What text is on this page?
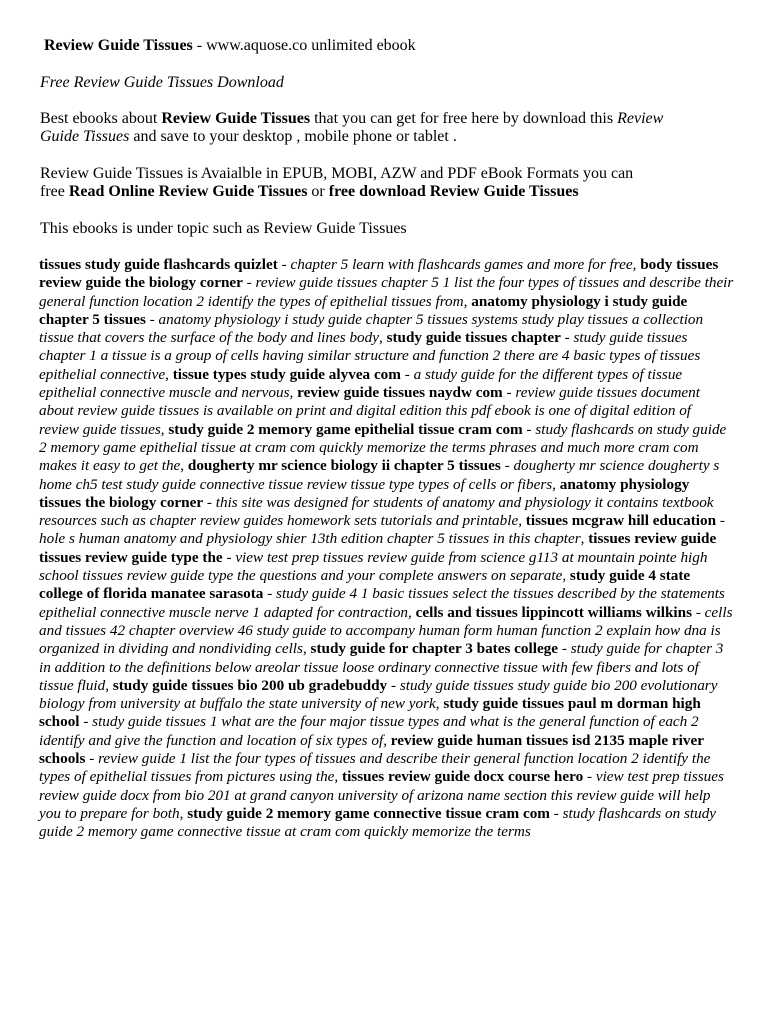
Review Guide Tissues - www.aquose.co unlimited ebook
Free Review Guide Tissues Download
Best ebooks about Review Guide Tissues that you can get for free here by download this Review
Guide Tissues and save to your desktop , mobile phone or tablet .
Review Guide Tissues is Avaialble in EPUB, MOBI, AZW and PDF eBook Formats you can
free Read Online Review Guide Tissues or free download Review Guide Tissues
This ebooks is under topic such as Review Guide Tissues

tissues study guide flashcards quizlet - chapter 5 learn with flashcards games and more for free, body tissues review guide the biology corner - review guide tissues chapter 5 1 list the four types of tissues and describe their general function location 2 identify the types of epithelial tissues from, anatomy physiology i study guide chapter 5 tissues - anatomy physiology i study guide chapter 5 tissues systems study play tissues a collection tissue that covers the surface of the body and lines body, study guide tissues chapter - study guide tissues chapter 1 a tissue is a group of cells having similar structure and function 2 there are 4 basic types of tissues epithelial connective, tissue types study guide alyvea com - a study guide for the different types of tissue epithelial connective muscle and nervous, review guide tissues naydw com - review guide tissues document about review guide tissues is available on print and digital edition this pdf ebook is one of digital edition of review guide tissues, study guide 2 memory game epithelial tissue cram com - study flashcards on study guide 2 memory game epithelial tissue at cram com quickly memorize the terms phrases and much more cram com makes it easy to get the, dougherty mr science biology ii chapter 5 tissues - dougherty mr science dougherty s home ch5 test study guide connective tissue review tissue type types of cells or fibers, anatomy physiology tissues the biology corner - this site was designed for students of anatomy and physiology it contains textbook resources such as chapter review guides homework sets tutorials and printable, tissues mcgraw hill education - hole s human anatomy and physiology shier 13th edition chapter 5 tissues in this chapter, tissues review guide tissues review guide type the - view test prep tissues review guide from science g113 at mountain pointe high school tissues review guide type the questions and your complete answers on separate, study guide 4 state college of florida manatee sarasota - study guide 4 1 basic tissues select the tissues described by the statements epithelial connective muscle nerve 1 adapted for contraction, cells and tissues lippincott williams wilkins - cells and tissues 42 chapter overview 46 study guide to accompany human form human function 2 explain how dna is organized in dividing and nondividing cells, study guide for chapter 3 bates college - study guide for chapter 3 in addition to the definitions below areolar tissue loose ordinary connective tissue with few fibers and lots of tissue fluid, study guide tissues bio 200 ub gradebuddy - study guide tissues study guide bio 200 evolutionary biology from university at buffalo the state university of new york, study guide tissues paul m dorman high school - study guide tissues 1 what are the four major tissue types and what is the general function of each 2 identify and give the function and location of six types of, review guide human tissues isd 2135 maple river schools - review guide 1 list the four types of tissues and describe their general function location 2 identify the types of epithelial tissues from pictures using the, tissues review guide docx course hero - view test prep tissues review guide docx from bio 201 at grand canyon university of arizona name section this review guide will help you to prepare for both, study guide 2 memory game connective tissue cram com - study flashcards on study guide 2 memory game connective tissue at cram com quickly memorize the terms
